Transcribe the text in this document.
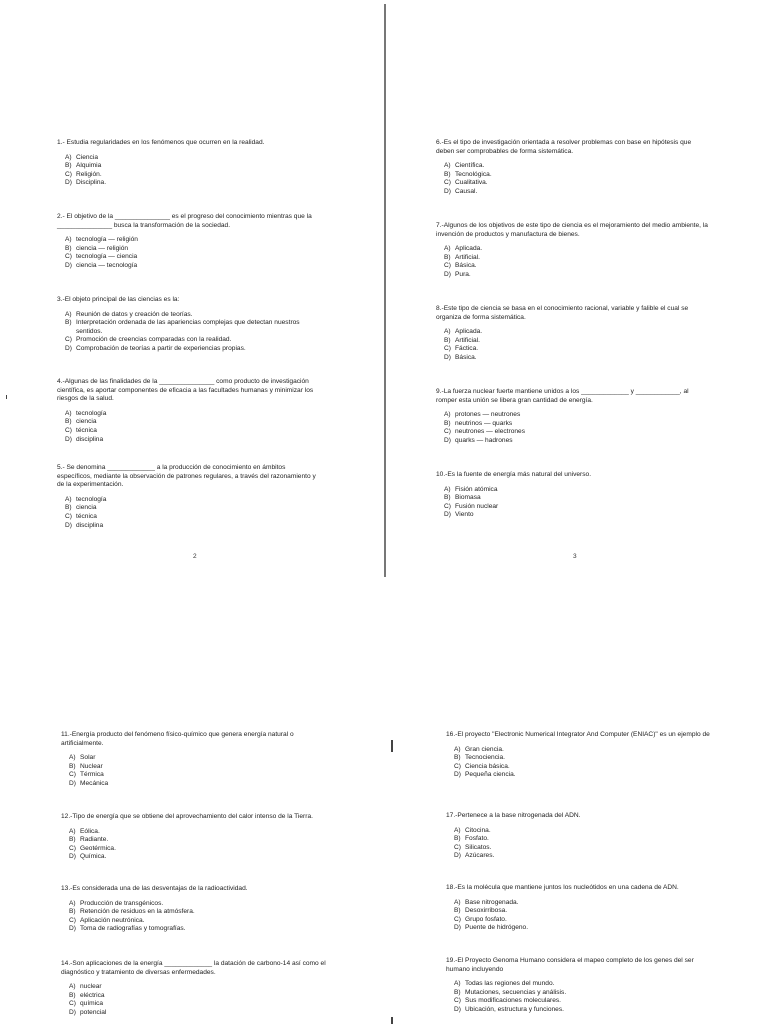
2	3
1.- Estudia regularidades en los fenómenos que ocurren en la realidad.
A) Ciencia
B) Alquimia
C) Religión.
D) Disciplina.
2.- El objetivo de la _______________ es el progreso del conocimiento mientras que la _______________ busca la transformación de la sociedad.
A) tecnología — religión
B) ciencia — religión
C) tecnología — ciencia
D) ciencia — tecnología
3.-El objeto principal de las ciencias es la:
A) Reunión de datos y creación de teorías.
B) Interpretación ordenada de las apariencias complejas que detectan nuestros sentidos.
C) Promoción de creencias comparadas con la realidad.
D) Comprobación de teorías a partir de experiencias propias.
4.-Algunas de las finalidades de la _______________ como producto de investigación científica, es aportar componentes de eficacia a las facultades humanas y minimizar los riesgos de la salud.
A) tecnología
B) ciencia
C) técnica
D) disciplina
5.- Se denomina _____________ a la producción de conocimiento en ámbitos específicos, mediante la observación de patrones regulares, a través del razonamiento y de la experimentación.
A) tecnología
B) ciencia
C) técnica
D) disciplina
6.-Es el tipo de investigación orientada a resolver problemas con base en hipótesis que deben ser comprobables de forma sistemática.
A) Científica.
B) Tecnológica.
C) Cualitativa.
D) Causal.
7.-Algunos de los objetivos de este tipo de ciencia es el mejoramiento del medio ambiente, la invención de productos y manufactura de bienes.
A) Aplicada.
B) Artificial.
C) Básica.
D) Pura.
8.-Este tipo de ciencia se basa en el conocimiento racional, variable y falible el cual se organiza de forma sistemática.
A) Aplicada.
B) Artificial.
C) Fáctica.
D) Básica.
9.-La fuerza nuclear fuerte mantiene unidos a los _____________ y ____________, al romper esta unión se libera gran cantidad de energía.
A) protones — neutrones
B) neutrinos — quarks
C) neutrones — electrones
D) quarks — hadrones
10.-Es la fuente de energía más natural del universo.
A) Fisión atómica
B) Biomasa
C) Fusión nuclear
D) Viento
11.-Energía producto del fenómeno físico-químico que genera energía natural o artificialmente.
A) Solar
B) Nuclear
C) Térmica
D) Mecánica
12.-Tipo de energía que se obtiene del aprovechamiento del calor intenso de la Tierra.
A) Eólica.
B) Radiante.
C) Geotérmica.
D) Química.
13.-Es considerada una de las desventajas de la radioactividad.
A) Producción de transgénicos.
B) Retención de residuos en la atmósfera.
C) Aplicación neutrónica.
D) Toma de radiografías y tomografías.
14.-Son aplicaciones de la energía _____________ la datación de carbono-14 así como el diagnóstico y tratamiento de diversas enfermedades.
A) nuclear
B) eléctrica
C) química
D) potencial
16.-El proyecto "Electronic Numerical Integrator And Computer (ENIAC)" es un ejemplo de
A) Gran ciencia.
B) Tecnociencia.
C) Ciencia básica.
D) Pequeña ciencia.
17.-Pertenece a la base nitrogenada del ADN.
A) Citocina.
B) Fosfato.
C) Silicatos.
D) Azúcares.
18.-Es la molécula que mantiene juntos los nucleótidos en una cadena de ADN.
A) Base nitrogenada.
B) Desoxirribosa.
C) Grupo fosfato.
D) Puente de hidrógeno.
19.-El Proyecto Genoma Humano considera el mapeo completo de los genes del ser humano incluyendo
A) Todas las regiones del mundo.
B) Mutaciones, secuencias y análisis.
C) Sus modificaciones moleculares.
D) Ubicación, estructura y funciones.
